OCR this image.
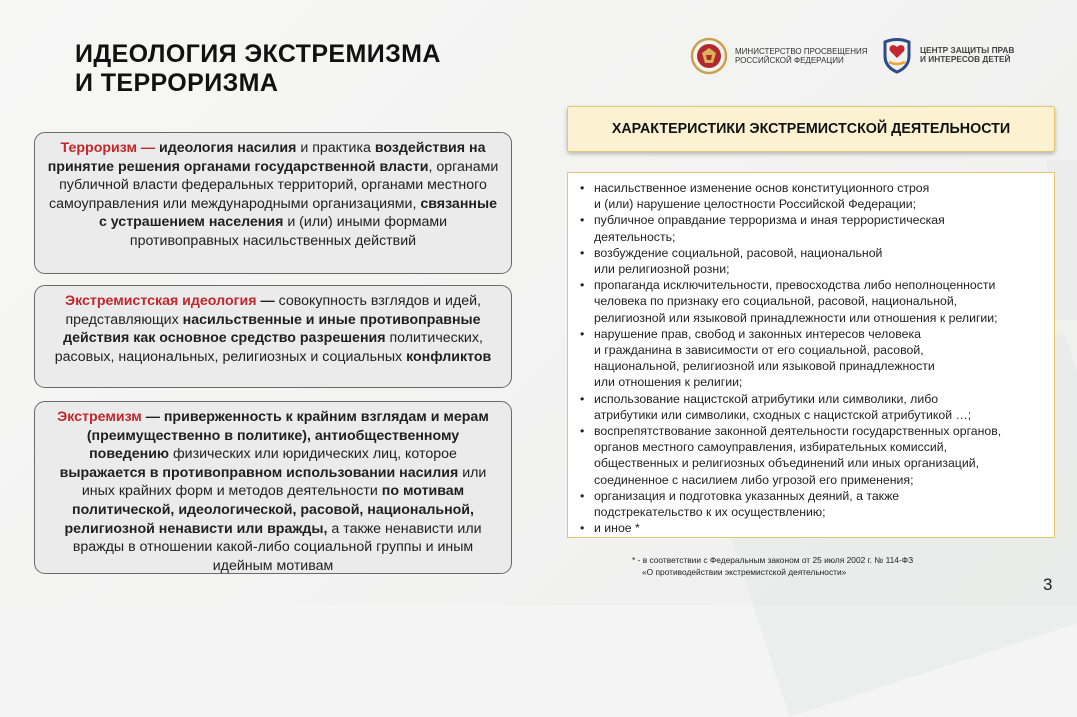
ИДЕОЛОГИЯ ЭКСТРЕМИЗМА
И ТЕРРОРИЗМА
МИНИСТЕРСТВО ПРОСВЕЩЕНИЯ
РОССИЙСКОЙ ФЕДЕРАЦИИ
ЦЕНТР ЗАЩИТЫ ПРАВ
И ИНТЕРЕСОВ ДЕТЕЙ
Терроризм — идеология насилия и практика воздействия на принятие решения органами государственной власти, органами публичной власти федеральных территорий, органами местного самоуправления или международными организациями, связанные с устрашением населения и (или) иными формами противоправных насильственных действий
Экстремистская идеология — совокупность взглядов и идей, представляющих насильственные и иные противоправные действия как основное средство разрешения политических, расовых, национальных, религиозных и социальных конфликтов
Экстремизм — приверженность к крайним взглядам и мерам (преимущественно в политике), антиобщественному поведению физических или юридических лиц, которое выражается в противоправном использовании насилия или иных крайних форм и методов деятельности по мотивам политической, идеологической, расовой, национальной, религиозной ненависти или вражды, а также ненависти или вражды в отношении какой-либо социальной группы и иным идейным мотивам
ХАРАКТЕРИСТИКИ ЭКСТРЕМИСТСКОЙ ДЕЯТЕЛЬНОСТИ
• насильственное изменение основ конституционного строя
и (или) нарушение целостности Российской Федерации;
• публичное оправдание терроризма и иная террористическая
деятельность;
• возбуждение социальной, расовой, национальной
или религиозной розни;
• пропаганда исключительности, превосходства либо неполноценности
человека по признаку его социальной, расовой, национальной,
религиозной или языковой принадлежности или отношения к религии;
• нарушение прав, свобод и законных интересов человека
и гражданина в зависимости от его социальной, расовой,
национальной, религиозной или языковой принадлежности
или отношения к религии;
• использование нацистской атрибутики или символики, либо
атрибутики или символики, сходных с нацистской атрибутикой …;
• воспрепятствование законной деятельности государственных органов,
органов местного самоуправления, избирательных комиссий,
общественных и религиозных объединений или иных организаций,
соединенное с насилием либо угрозой его применения;
• организация и подготовка указанных деяний, а также
подстрекательство к их осуществлению;
• и иное *
* - в соответствии с Федеральным законом от 25 июля 2002 г. № 114-ФЗ
«О противодействии экстремистской деятельности»
3
